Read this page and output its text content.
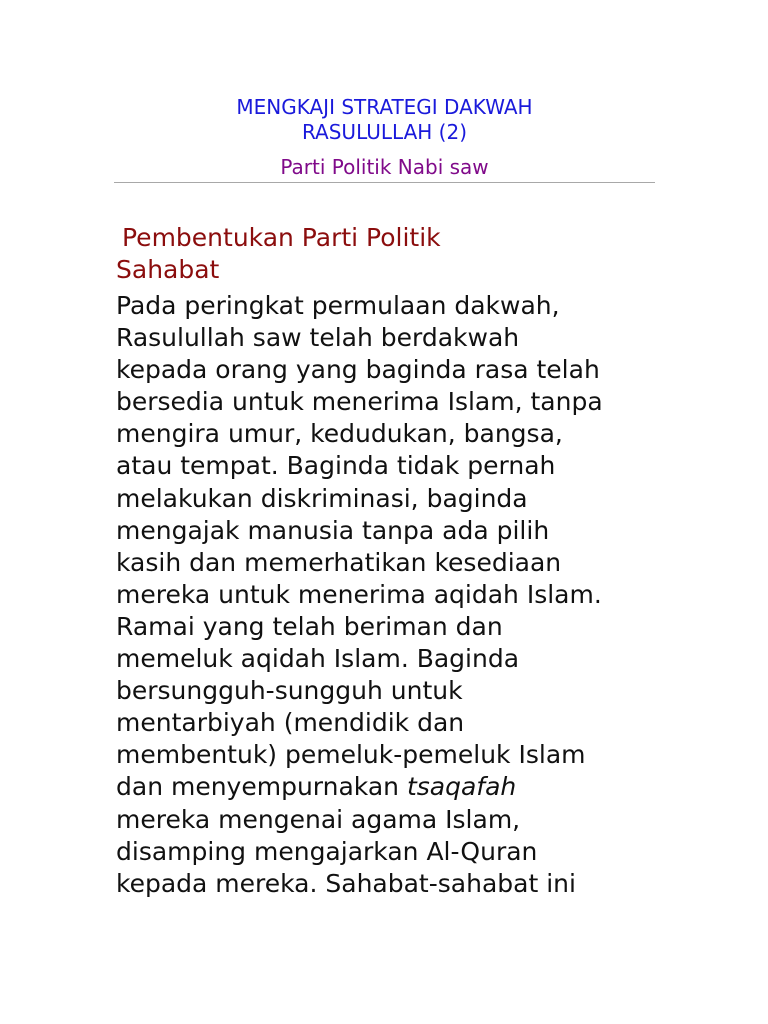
MENGKAJI STRATEGI DAKWAH
RASULULLAH (2)

Parti Politik Nabi saw

Pembentukan Parti Politik
Sahabat
Pada peringkat permulaan dakwah,
Rasulullah saw telah berdakwah
kepada orang yang baginda rasa telah
bersedia untuk menerima Islam, tanpa
mengira umur, kedudukan, bangsa,
atau tempat. Baginda tidak pernah
melakukan diskriminasi, baginda
mengajak manusia tanpa ada pilih
kasih dan memerhatikan kesediaan
mereka untuk menerima aqidah Islam.
Ramai yang telah beriman dan
memeluk aqidah Islam. Baginda
bersungguh-sungguh untuk
mentarbiyah (mendidik dan
membentuk) pemeluk-pemeluk Islam
dan menyempurnakan tsaqafah
mereka mengenai agama Islam,
disamping mengajarkan Al-Quran
kepada mereka. Sahabat-sahabat ini
